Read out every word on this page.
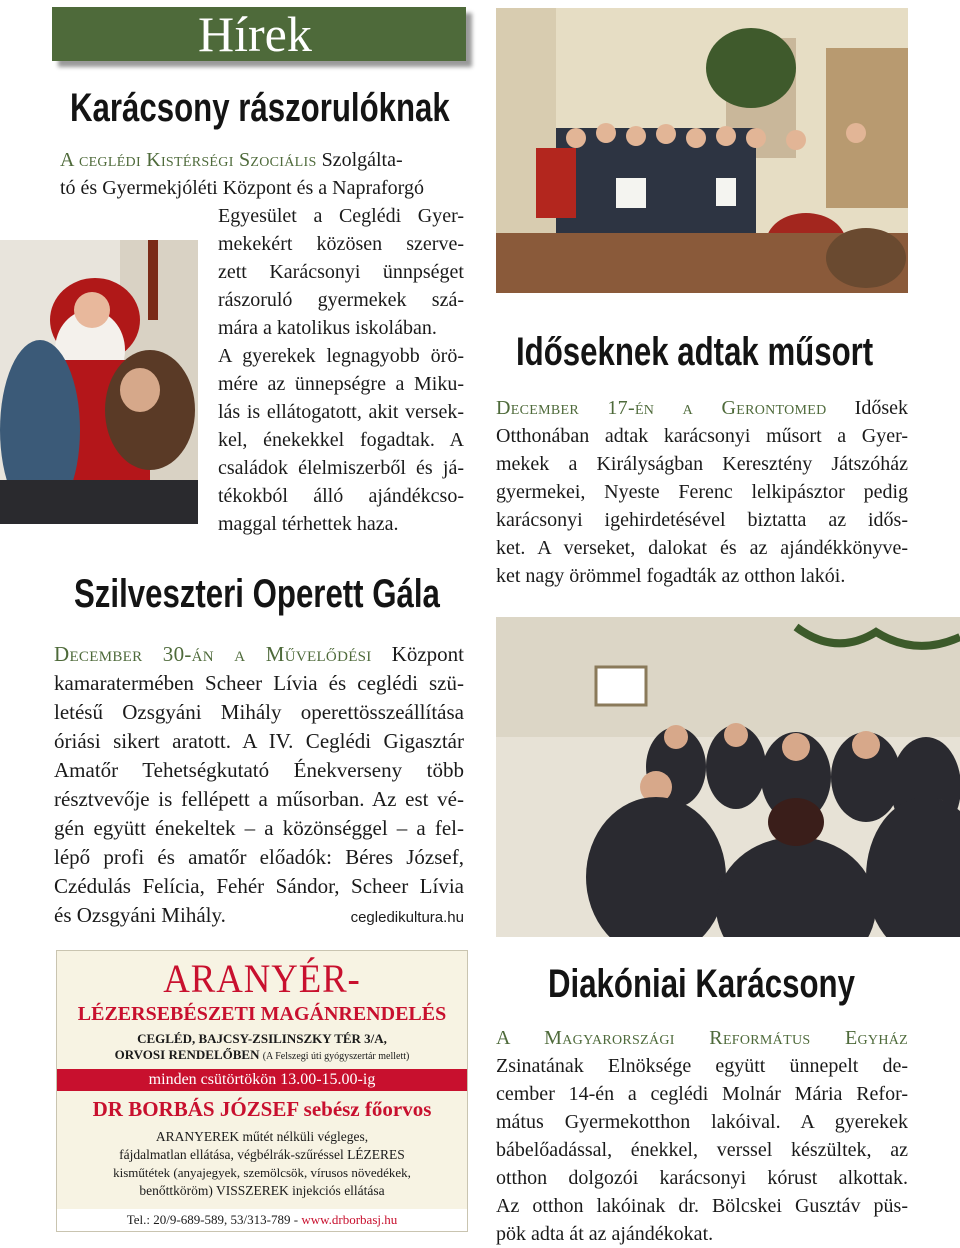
Hírek
Karácsony rászorulóknak
A ceglédi Kistérségi Szociális Szolgálta-
tó és Gyermekjóléti Központ és a Napraforgó
Egyesület a Ceglédi Gyer-
mekekért közösen szerve-
zett Karácsonyi ünnpséget
rászoruló gyermekek szá-
mára a katolikus iskolában.
A gyerekek legnagyobb örö-
mére az ünnepségre a Miku-
lás is ellátogatott, akit versek-
kel, énekekkel fogadtak. A
családok élelmiszerből és já-
tékokból álló ajándékcso-
maggal térhettek haza.
Szilveszteri Operett Gála
December 30-án a Művelődési Központ
kamaratermében Scheer Lívia és ceglédi szü-
letésű Ozsgyáni Mihály operettösszeállítása
óriási sikert aratott. A IV. Ceglédi Gigasztár
Amatőr Tehetségkutató Énekverseny több
résztvevője is fellépett a műsorban. Az est vé-
gén együtt énekeltek – a közönséggel – a fel-
lépő profi és amatőr előadók: Béres József,
Czédulás Felícia, Fehér Sándor, Scheer Lívia
és Ozsgyáni Mihály.	cegledikultura.hu
Időseknek adtak műsort
December 17-én a Gerontomed Idősek
Otthonában adtak karácsonyi műsort a Gyer-
mekek a Királyságban Keresztény Játszóház
gyermekei, Nyeste Ferenc lelkipásztor pedig
karácsonyi igehirdetésével biztatta az idős-
ket. A verseket, dalokat és az ajándékkönyve-
ket nagy örömmel fogadták az otthon lakói.
ARANYÉR-
LÉZERSEBÉSZETI MAGÁNRENDELÉS
CEGLÉD, BAJCSY-ZSILINSZKY TÉR 3/A,
ORVOSI RENDELŐBEN (A Felszegi úti gyógyszertár mellett)
minden csütörtökön 13.00-15.00-ig
DR BORBÁS JÓZSEF sebész főorvos
ARANYEREK műtét nélküli végleges,
fájdalmatlan ellátása, végbélrák-szűréssel LÉZERES
kisműtétek (anyajegyek, szemölcsök, vírusos növedékek,
benőttköröm) VISSZEREK injekciós ellátása
Tel.: 20/9-689-589, 53/313-789 - www.drborbasj.hu
Diakóniai Karácsony
A Magyarországi Református Egyház
Zsinatának Elnöksége együtt ünnepelt de-
cember 14-én a ceglédi Molnár Mária Refor-
mátus Gyermekotthon lakóival. A gyerekek
bábelőadással, énekkel, verssel készültek, az
otthon dolgozói karácsonyi kórust alkottak.
Az otthon lakóinak dr. Bölcskei Gusztáv püs-
pök adta át az ajándékokat.
